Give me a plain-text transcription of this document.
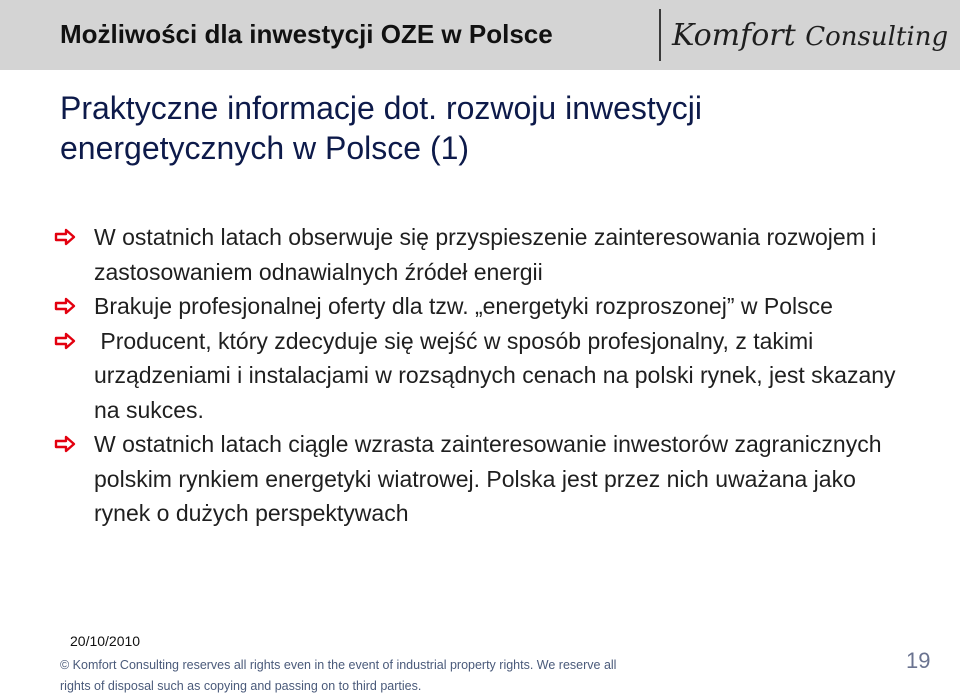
Możliwości dla inwestycji OZE w Polsce	Komfort Consulting
Praktyczne informacje dot. rozwoju inwestycji energetycznych w Polsce (1)
W ostatnich latach obserwuje się przyspieszenie zainteresowania rozwojem i zastosowaniem odnawialnych źródeł energii
Brakuje profesjonalnej oferty dla tzw. „energetyki rozproszonej” w Polsce
Producent, który zdecyduje się wejść w sposób profesjonalny, z takimi urządzeniami i instalacjami w rozsądnych cenach na polski rynek, jest skazany na sukces.
W ostatnich latach ciągle wzrasta zainteresowanie inwestorów zagranicznych polskim rynkiem energetyki wiatrowej. Polska jest przez nich uważana jako rynek o dużych perspektywach
20/10/2010
© Komfort Consulting reserves all rights even in the event of industrial property rights. We reserve all rights of disposal such as copying and passing on to third parties.
19
